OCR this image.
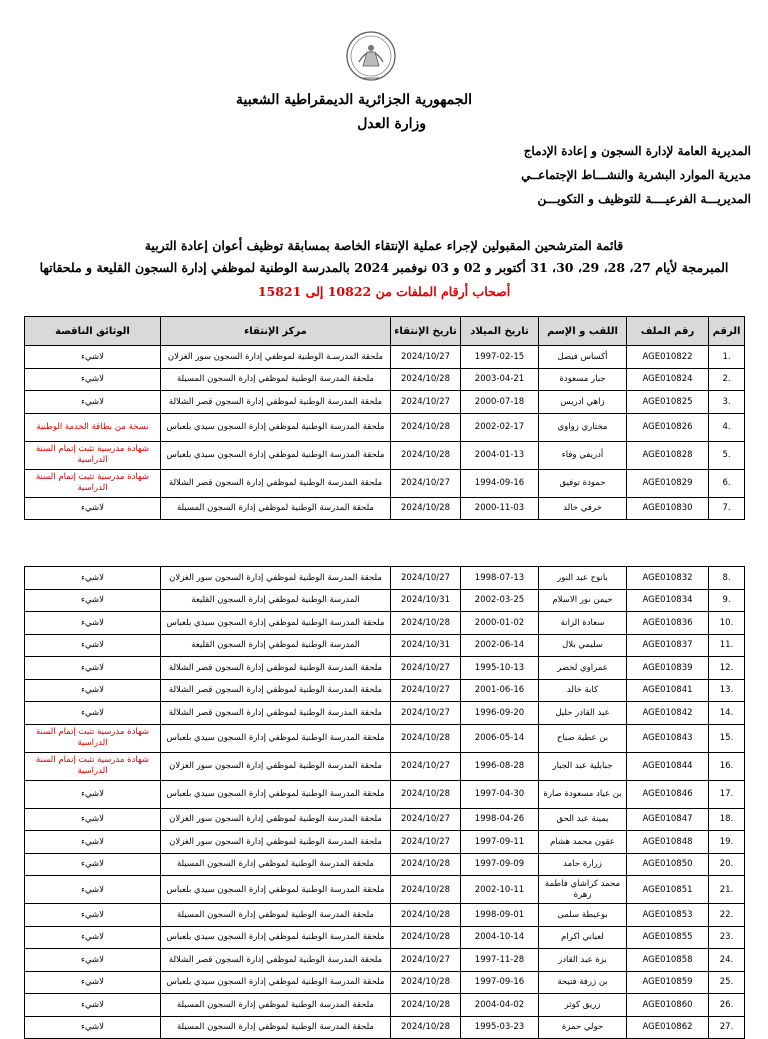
الجمهورية الجزائرية الديمقراطية الشعبية
وزارة العدل
المديرية العامة لإدارة السجون و إعادة الإدماج
مديرية الموارد البشرية والنشـــاط الإجتماعــي
المديريـــة الفرعيــــة للتوظيف و التكويـــن
قائمة المترشحين المقبولين لإجراء عملية الإنتقاء الخاصة بمسابقة توظيف أعوان إعادة التربية
المبرمجة لأيام 27، 28، 29، 30، 31 أكتوبر و 02 و 03 نوفمبر 2024 بالمدرسة الوطنية لموظفي إدارة السجون القليعة و ملحقاتها
أصحاب أرقام الملفات من 10822 إلى 15821
الرقم	رقم الملف	اللقب و الإسم	تاريخ الميلاد	تاريخ الإنتقاء	مركز الإنتقاء	الوثائق الناقصة
.1	AGE010822	أكساس فيصل	1997-02-15	2024/10/27	ملحقة المدرسـة الوطنية لموظفي إدارة السجون سور الغزلان	لاشيء
.2	AGE010824	جبار مسعودة	2003-04-21	2024/10/28	ملحقة المدرسة الوطنية لموظفي إدارة السجون المسيلة	لاشيء
.3	AGE010825	زاهي ادريس	2000-07-18	2024/10/27	ملحقة المدرسة الوطنية لموظفي إدارة السجون قصر الشلالة	لاشيء
.4	AGE010826	مختاري زواوي	2002-02-17	2024/10/28	ملحقة المدرسة الوطنية لموظفي إدارة السجون سيدي بلعباس	نسخة من بطاقة الخدمة الوطنية
.5	AGE010828	أدريفي وفاء	2004-01-13	2024/10/28	ملحقة المدرسة الوطنية لموظفي إدارة السجون سيدي بلعباس	شهادة مدرسية تثبت إتمام السنة الدراسية
.6	AGE010829	حمودة توفيق	1994-09-16	2024/10/27	ملحقة المدرسة الوطنية لموظفي إدارة السجون قصر الشلالة	شهادة مدرسية تثبت إتمام السنة الدراسية
.7	AGE010830	خرفي خالد	2000-11-03	2024/10/28	ملحقة المدرسة الوطنية لموظفي إدارة السجون المسيلة	لاشيء
.8	AGE010832	بانوح عبد النور	1998-07-13	2024/10/27	ملحقة المدرسة الوطنية لموظفي إدارة السجون سور الغزلان	لاشيء
.9	AGE010834	حيمن نور الاسلام	2002-03-25	2024/10/31	المدرسة الوطنية لموظفي إدارة السجون القليعة	لاشيء
.10	AGE010836	سعادة الزانة	2000-01-02	2024/10/28	ملحقة المدرسة الوطنية لموظفي إدارة السجون سيدي بلعباس	لاشيء
.11	AGE010837	سليمي بلال	2002-06-14	2024/10/31	المدرسة الوطنية لموظفي إدارة السجون القليعة	لاشيء
.12	AGE010839	عمراوي لخضر	1995-10-13	2024/10/27	ملحقة المدرسة الوطنية لموظفي إدارة السجون قصر الشلالة	لاشيء
.13	AGE010841	كابة خالد	2001-06-16	2024/10/27	ملحقة المدرسة الوطنية لموظفي إدارة السجون قصر الشلالة	لاشيء
.14	AGE010842	عبد القادر حليل	1996-09-20	2024/10/27	ملحقة المدرسة الوطنية لموظفي إدارة السجون قصر الشلالة	لاشيء
.15	AGE010843	بن عطية صباح	2006-05-14	2024/10/28	ملحقة المدرسة الوطنية لموظفي إدارة السجون سيدي بلعباس	شهادة مدرسية تثبت إتمام السنة الدراسية
.16	AGE010844	جبابلية عبد الجبار	1996-08-28	2024/10/27	ملحقة المدرسة الوطنية لموظفي إدارة السجون سور الغزلان	شهادة مدرسية تثبت إتمام السنة الدراسية
.17	AGE010846	بن عياد مسعودة صارة	1997-04-30	2024/10/28	ملحقة المدرسة الوطنية لموظفي إدارة السجون سيدي بلعباس	لاشيء
.18	AGE010847	يمينة عبد الحق	1998-04-26	2024/10/27	ملحقة المدرسة الوطنية لموظفي إدارة السجون سور الغزلان	لاشيء
.19	AGE010848	عقون محمد هشام	1997-09-11	2024/10/27	ملحقة المدرسة الوطنية لموظفي إدارة السجون سور الغزلان	لاشيء
.20	AGE010850	زرارة حامد	1997-09-09	2024/10/28	ملحقة المدرسة الوطنية لموظفي إدارة السجون المسيلة	لاشيء
.21	AGE010851	محمد كراشاي فاطمة زهرة	2002-10-11	2024/10/28	ملحقة المدرسة الوطنية لموظفي إدارة السجون سيدي بلعباس	لاشيء
.22	AGE010853	بوعيطة سلمى	1998-09-01	2024/10/28	ملحقة المدرسة الوطنية لموظفي إدارة السجون المسيلة	لاشيء
.23	AGE010855	لعباني اكرام	2004-10-14	2024/10/28	ملحقة المدرسة الوطنية لموظفي إدارة السجون سيدي بلعباس	لاشيء
.24	AGE010858	بزة عبد القادر	1997-11-28	2024/10/27	ملحقة المدرسة الوطنية لموظفي إدارة السجون قصر الشلالة	لاشيء
.25	AGE010859	بن زرفة فتيحة	1997-09-16	2024/10/28	ملحقة المدرسة الوطنية لموظفي إدارة السجون سيدي بلعباس	لاشيء
.26	AGE010860	زريق كوثر	2004-04-02	2024/10/28	ملحقة المدرسة الوطنية لموظفي إدارة السجون المسيلة	لاشيء
.27	AGE010862	حولي حمزة	1995-03-23	2024/10/28	ملحقة المدرسة الوطنية لموظفي إدارة السجون المسيلة	لاشيء
